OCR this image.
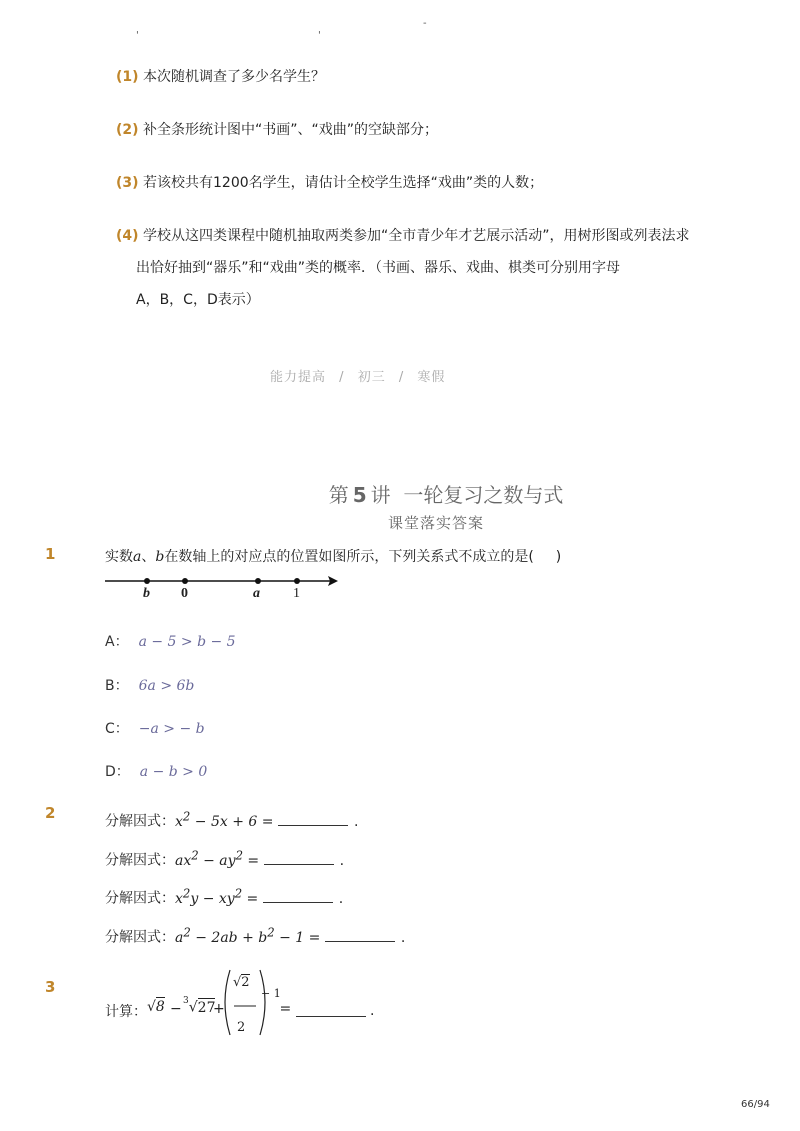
'	'
-
(1) 本次随机调查了多少名学生？
(2) 补全条形统计图中“书画”、“戏曲”的空缺部分；
(3) 若该校共有1200名学生，请估计全校学生选择“戏曲”类的人数；
(4) 学校从这四类课程中随机抽取两类参加“全市青少年才艺展示活动”，用树形图或列表法求
出恰好抽到“器乐”和“戏曲”类的概率．（书画、器乐、戏曲、棋类可分别用字母
A，B，C，D表示）
能力提高 / 初三 / 寒假

第 5 讲  一轮复习之数与式

课堂落实答案
1	实数a、b在数轴上的对应点的位置如图所示，下列关系式不成立的是( )
b 0	a 1
A： a − 5 > b − 5
B： 6a > 6b
C： −a > − b
D： a − b > 0
2	分解因式：$x^2 - 5x + 6$ =	.
分解因式：$ax^2 - ay^2$ =	.
分解因式：$x^2y - xy^2$ =	.
分解因式：$a^2 - 2ab + b^2 - 1$ =	.
3
计算： √8 − $^3$√27
+
√2
2
− 1
=	.
66/94
